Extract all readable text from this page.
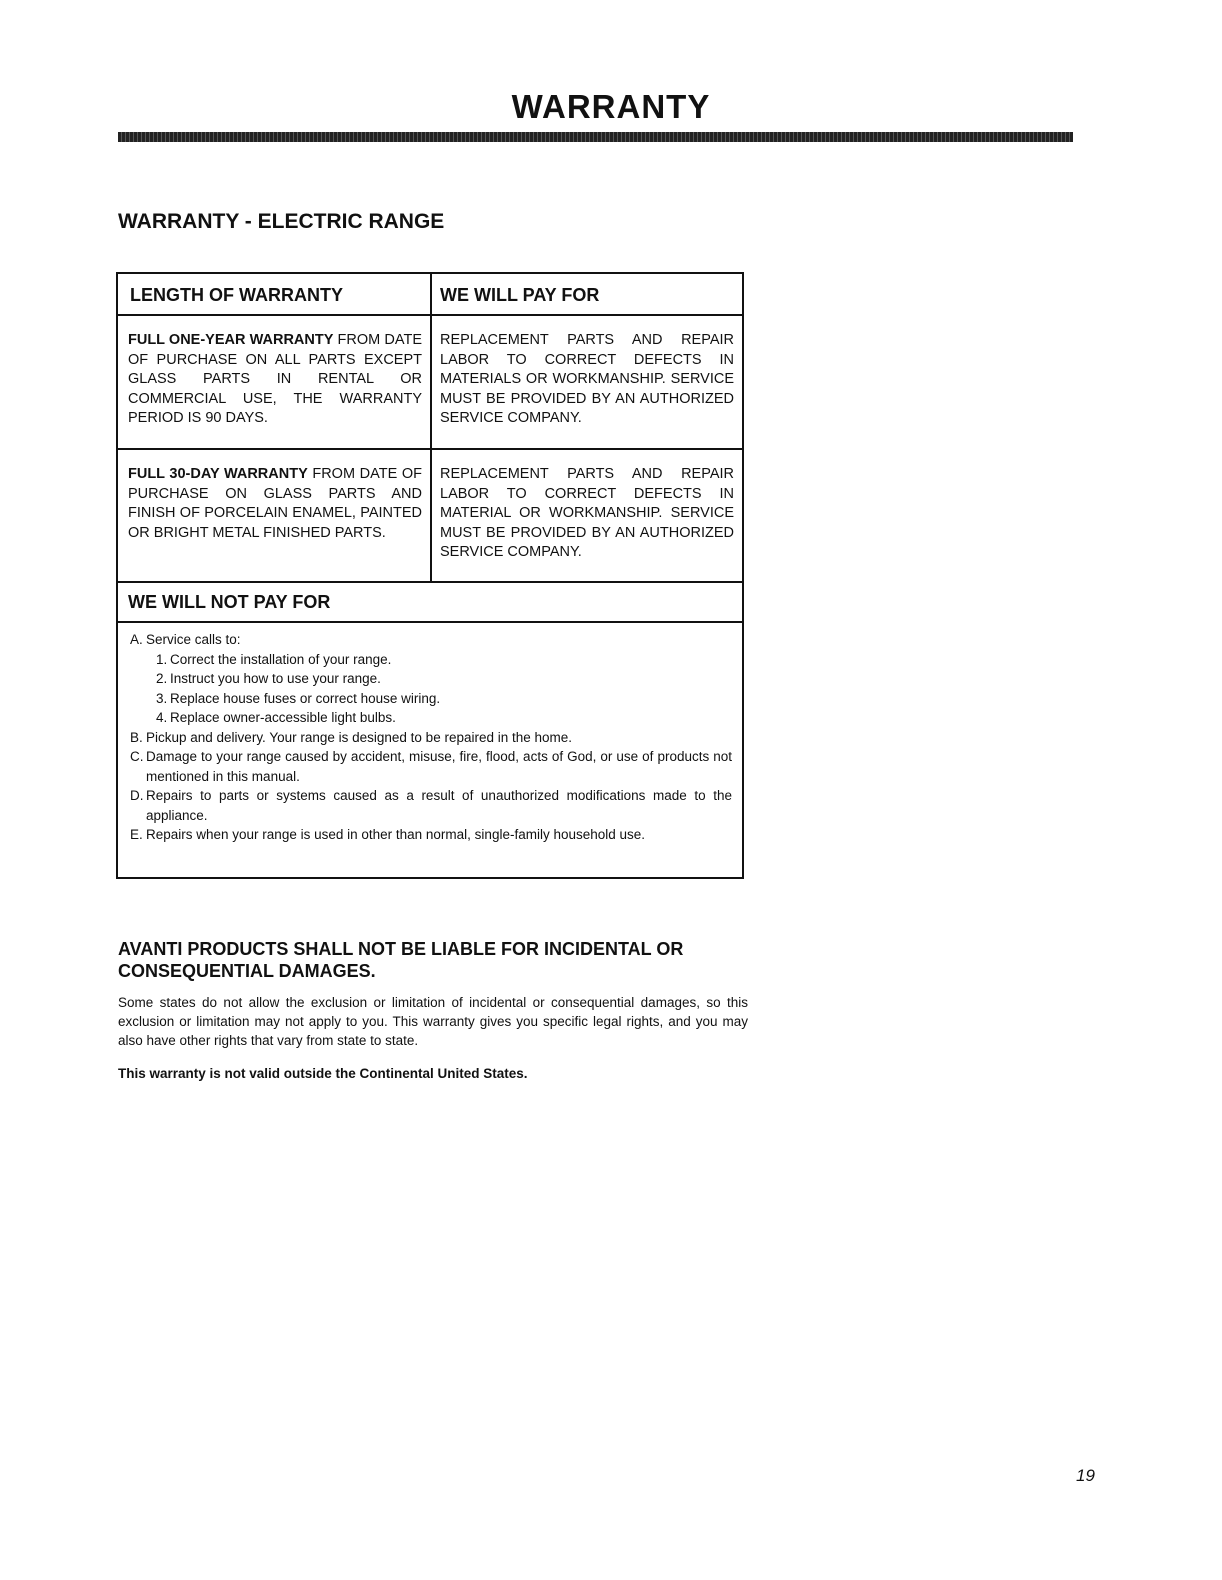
WARRANTY
WARRANTY - ELECTRIC RANGE
LENGTH OF WARRANTY	WE WILL PAY FOR
FULL ONE-YEAR WARRANTY FROM DATE OF PURCHASE ON ALL PARTS EXCEPT GLASS PARTS IN RENTAL OR COMMERCIAL USE, THE WARRANTY PERIOD IS 90 DAYS.
REPLACEMENT PARTS AND REPAIR LABOR TO CORRECT DEFECTS IN MATERIALS OR WORKMANSHIP. SERVICE MUST BE PROVIDED BY AN AUTHORIZED SERVICE COMPANY.
FULL 30-DAY WARRANTY FROM DATE OF PURCHASE ON GLASS PARTS AND FINISH OF PORCELAIN ENAMEL, PAINTED OR BRIGHT METAL FINISHED PARTS.
REPLACEMENT PARTS AND REPAIR LABOR TO CORRECT DEFECTS IN MATERIAL OR WORKMANSHIP. SERVICE MUST BE PROVIDED BY AN AUTHORIZED SERVICE COMPANY.
WE WILL NOT PAY FOR
A. Service calls to:
1. Correct the installation of your range.
2. Instruct you how to use your range.
3. Replace house fuses or correct house wiring.
4. Replace owner-accessible light bulbs.
B. Pickup and delivery. Your range is designed to be repaired in the home.
C. Damage to your range caused by accident, misuse, fire, flood, acts of God, or use of products not mentioned in this manual.
D. Repairs to parts or systems caused as a result of unauthorized modifications made to the appliance.
E. Repairs when your range is used in other than normal, single-family household use.
AVANTI PRODUCTS SHALL NOT BE LIABLE FOR INCIDENTAL OR CONSEQUENTIAL DAMAGES.
Some states do not allow the exclusion or limitation of incidental or consequential damages, so this exclusion or limitation may not apply to you. This warranty gives you specific legal rights, and you may also have other rights that vary from state to state.
This warranty is not valid outside the Continental United States.
19
